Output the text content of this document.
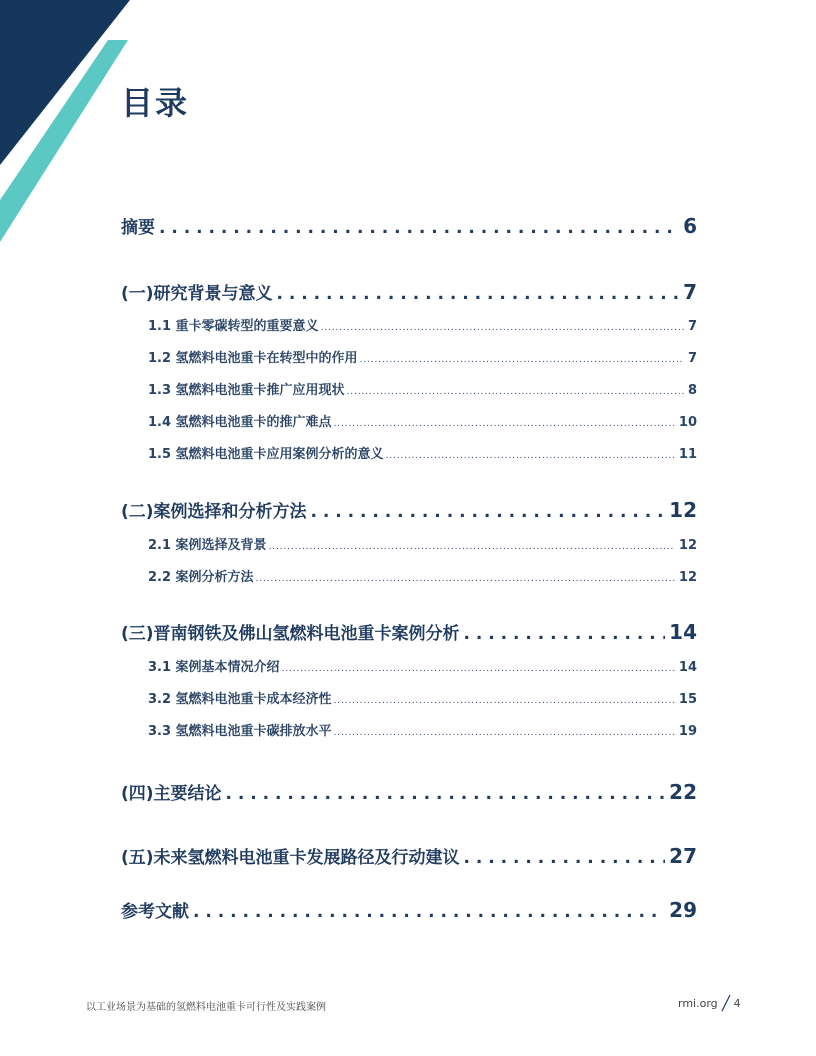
目录
摘要 . . .	6
(一)研究背景与意义 . . .	7
1.1 重卡零碳转型的重要意义 . . .	7
1.2 氢燃料电池重卡在转型中的作用 . . .	7
1.3 氢燃料电池重卡推广应用现状 . . .	8
1.4 氢燃料电池重卡的推广难点 . . .	10
1.5 氢燃料电池重卡应用案例分析的意义 . . .	11
(二)案例选择和分析方法 . . .	12
2.1 案例选择及背景 . . .	12
2.2 案例分析方法 . . .	12
(三)晋南钢铁及佛山氢燃料电池重卡案例分析 . . .	14
3.1 案例基本情况介绍 . . .	14
3.2 氢燃料电池重卡成本经济性 . . .	15
3.3 氢燃料电池重卡碳排放水平 . . .	19
(四)主要结论 . . .	22
(五)未来氢燃料电池重卡发展路径及行动建议 . . .	27
参考文献 . . .	29
以工业场景为基础的氢燃料电池重卡可行性及实践案例	rmi.org 4
